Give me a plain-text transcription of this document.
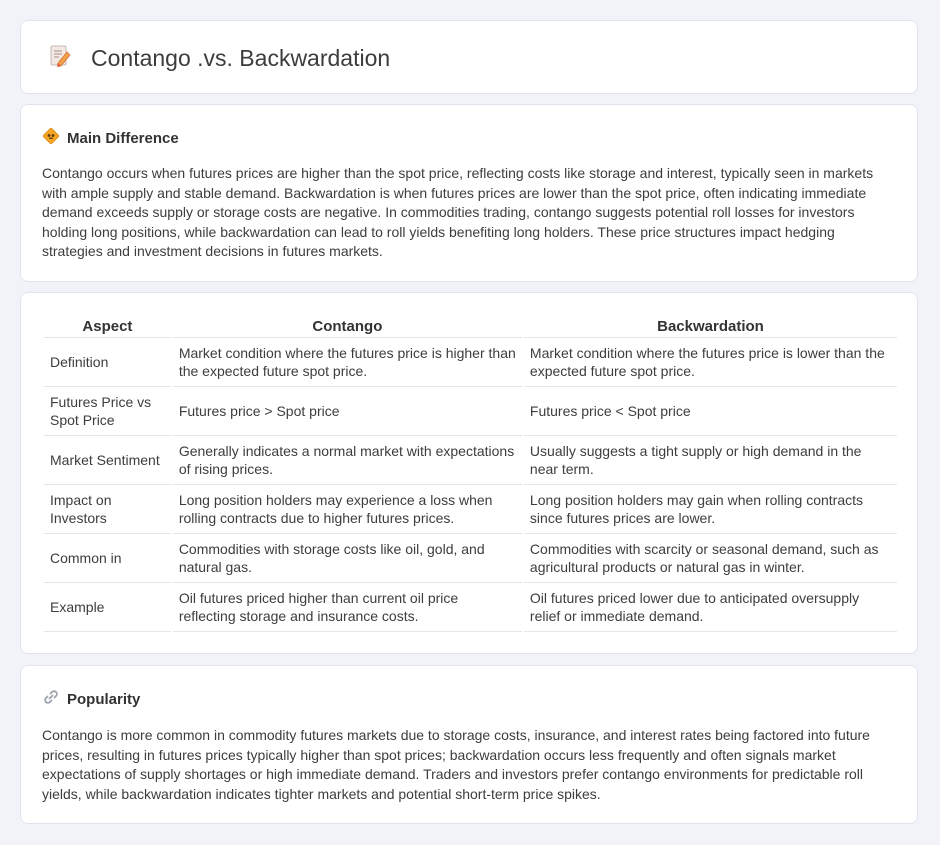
Contango .vs. Backwardation
Main Difference
Contango occurs when futures prices are higher than the spot price, reflecting costs like storage and interest, typically seen in markets with ample supply and stable demand. Backwardation is when futures prices are lower than the spot price, often indicating immediate demand exceeds supply or storage costs are negative. In commodities trading, contango suggests potential roll losses for investors holding long positions, while backwardation can lead to roll yields benefiting long holders. These price structures impact hedging strategies and investment decisions in futures markets.
Aspect	Contango	Backwardation
Definition	Market condition where the futures price is higher than the expected future spot price.	Market condition where the futures price is lower than the expected future spot price.
Futures Price vs Spot Price	Futures price > Spot price	Futures price < Spot price
Market Sentiment	Generally indicates a normal market with expectations of rising prices.	Usually suggests a tight supply or high demand in the near term.
Impact on Investors	Long position holders may experience a loss when rolling contracts due to higher futures prices.	Long position holders may gain when rolling contracts since futures prices are lower.
Common in	Commodities with storage costs like oil, gold, and natural gas.	Commodities with scarcity or seasonal demand, such as agricultural products or natural gas in winter.
Example	Oil futures priced higher than current oil price reflecting storage and insurance costs.	Oil futures priced lower due to anticipated oversupply relief or immediate demand.
Popularity
Contango is more common in commodity futures markets due to storage costs, insurance, and interest rates being factored into future prices, resulting in futures prices typically higher than spot prices; backwardation occurs less frequently and often signals market expectations of supply shortages or high immediate demand. Traders and investors prefer contango environments for predictable roll yields, while backwardation indicates tighter markets and potential short-term price spikes.
